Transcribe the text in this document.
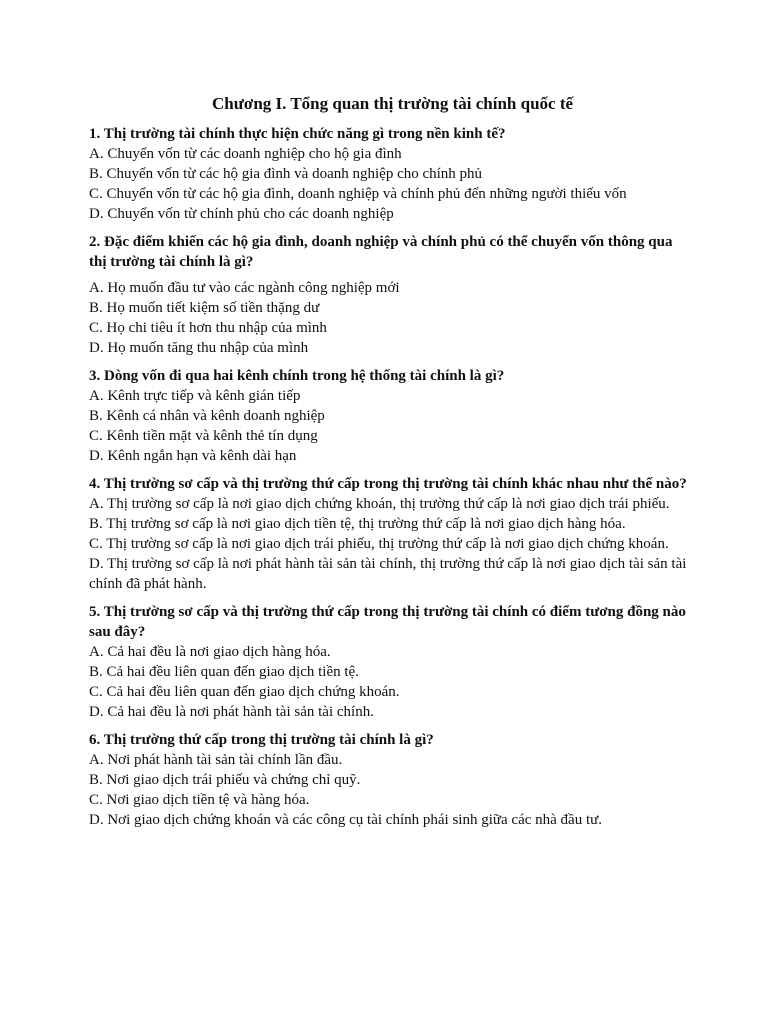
Chương I. Tổng quan thị trường tài chính quốc tế

1. Thị trường tài chính thực hiện chức năng gì trong nền kinh tế?

A. Chuyển vốn từ các doanh nghiệp cho hộ gia đình

B. Chuyển vốn từ các hộ gia đình và doanh nghiệp cho chính phủ

C. Chuyển vốn từ các hộ gia đình, doanh nghiệp và chính phủ đến những người thiếu vốn

D. Chuyển vốn từ chính phủ cho các doanh nghiệp

2. Đặc điểm khiến các hộ gia đình, doanh nghiệp và chính phủ có thể chuyển vốn thông qua thị trường tài chính là gì?

A. Họ muốn đầu tư vào các ngành công nghiệp mới

B. Họ muốn tiết kiệm số tiền thặng dư

C. Họ chi tiêu ít hơn thu nhập của mình

D. Họ muốn tăng thu nhập của mình

3. Dòng vốn đi qua hai kênh chính trong hệ thống tài chính là gì?

A. Kênh trực tiếp và kênh gián tiếp

B. Kênh cá nhân và kênh doanh nghiệp

C. Kênh tiền mặt và kênh thẻ tín dụng

D. Kênh ngắn hạn và kênh dài hạn

4. Thị trường sơ cấp và thị trường thứ cấp trong thị trường tài chính khác nhau như thế nào?

A. Thị trường sơ cấp là nơi giao dịch chứng khoán, thị trường thứ cấp là nơi giao dịch trái phiếu.

B. Thị trường sơ cấp là nơi giao dịch tiền tệ, thị trường thứ cấp là nơi giao dịch hàng hóa.

C. Thị trường sơ cấp là nơi giao dịch trái phiếu, thị trường thứ cấp là nơi giao dịch chứng khoán.

D. Thị trường sơ cấp là nơi phát hành tài sản tài chính, thị trường thứ cấp là nơi giao dịch tài sản tài chính đã phát hành.

5. Thị trường sơ cấp và thị trường thứ cấp trong thị trường tài chính có điểm tương đồng nào sau đây?

A. Cả hai đều là nơi giao dịch hàng hóa.

B. Cả hai đều liên quan đến giao dịch tiền tệ.

C. Cả hai đều liên quan đến giao dịch chứng khoán.

D. Cả hai đều là nơi phát hành tài sản tài chính.

6. Thị trường thứ cấp trong thị trường tài chính là gì?

A. Nơi phát hành tài sản tài chính lần đầu.

B. Nơi giao dịch trái phiếu và chứng chỉ quỹ.

C. Nơi giao dịch tiền tệ và hàng hóa.

D. Nơi giao dịch chứng khoán và các công cụ tài chính phái sinh giữa các nhà đầu tư.
